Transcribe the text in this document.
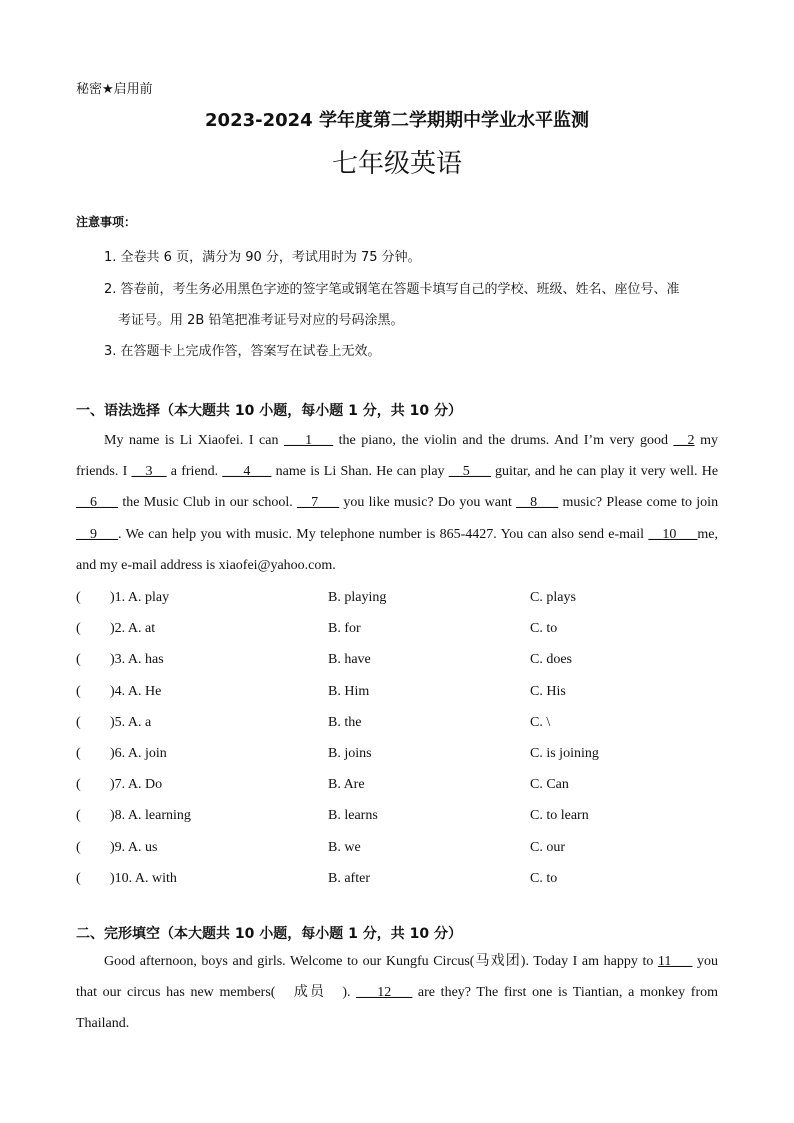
秘密★启用前
2023-2024 学年度第二学期期中学业水平监测
七年级英语
注意事项：
1. 全卷共 6 页，满分为 90 分，考试用时为 75 分钟。
2. 答卷前，考生务必用黑色字迹的签字笔或钢笔在答题卡填写自己的学校、班级、姓名、座位号、准
考证号。用 2B 铅笔把准考证号对应的号码涂黑。
3. 在答题卡上完成作答，答案写在试卷上无效。
一、语法选择（本大题共 10 小题，每小题 1 分，共 10 分）

My name is Li Xiaofei. I can ___1___ the piano, the violin and the drums. And I’m very good __2 my friends. I __3__ a friend. ___4___ name is Li Shan. He can play __5___ guitar, and he can play it very well. He __6___ the Music Club in our school. __7___ you like music? Do you want __8___ music? Please come to join __9___. We can help you with music. My telephone number is 865-4427. You can also send e-mail __10___me, and my e-mail address is xiaofei@yahoo.com.

( )1. A. play	B. playing	C. plays
( )2. A. at	B. for	C. to
( )3. A. has	B. have	C. does
( )4. A. He	B. Him	C. His
( )5. A. a	B. the	C. \
( )6. A. join	B. joins	C. is joining
( )7. A. Do	B. Are	C. Can
( )8. A. learning	B. learns	C. to learn
( )9. A. us	B. we	C. our
( )10. A. with	B. after	C. to
二、完形填空（本大题共 10 小题，每小题 1 分，共 10 分）

Good afternoon, boys and girls. Welcome to our Kungfu Circus(马戏团). Today I am happy to 11___ you that our circus has new members(　成员　). ___12___ are they? The first one is Tiantian, a monkey from Thailand.
